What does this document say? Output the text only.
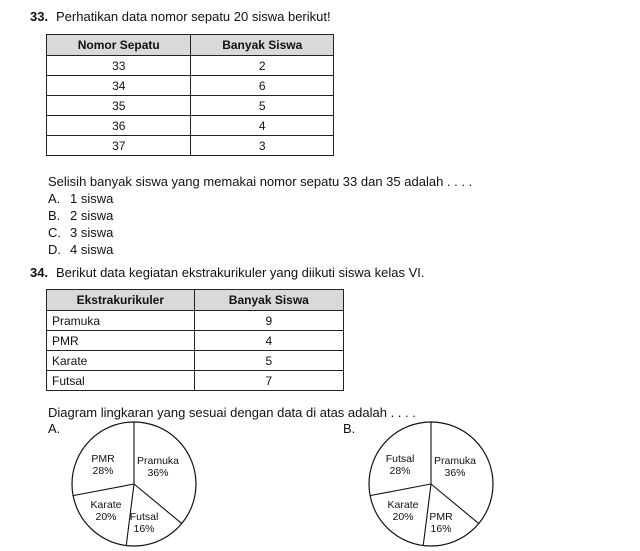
33. Perhatikan data nomor sepatu 20 siswa berikut!
Nomor Sepatu	Banyak Siswa
33	2
34	6
35	5
36	4
37	3
Selisih banyak siswa yang memakai nomor sepatu 33 dan 35 adalah . . . .
A. 1 siswa
B. 2 siswa
C. 3 siswa
D. 4 siswa
34. Berikut data kegiatan ekstrakurikuler yang diikuti siswa kelas VI.
Ekstrakurikuler	Banyak Siswa
Pramuka	9
PMR	4
Karate	5
Futsal	7
Diagram lingkaran yang sesuai dengan data di atas adalah . . . .
A.	B.
Pramuka
36%
Futsal
16%
Karate
20%
PMR
28%
Pramuka
36%
PMR
16%
Karate
20%
Futsal
28%
